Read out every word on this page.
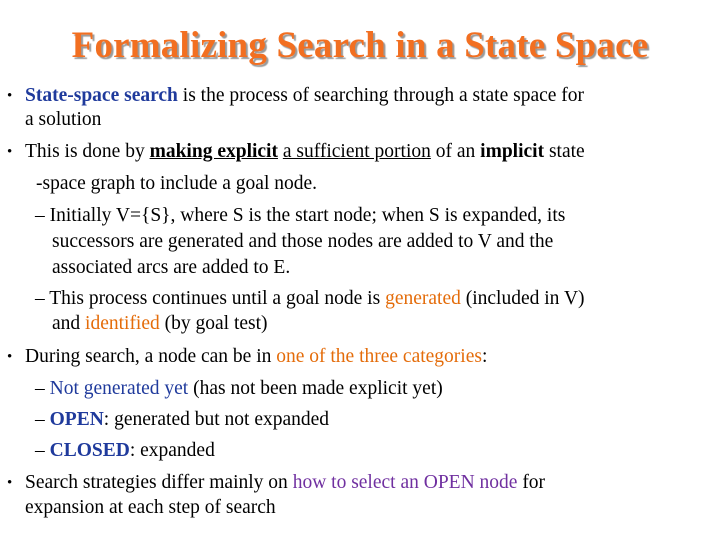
Formalizing Search in a State Space
• State-space search is the process of searching through a state space for
a solution
• This is done by making explicit a sufficient portion of an implicit state
-space graph to include a goal node.
– Initially V={S}, where S is the start node; when S is expanded, its
successors are generated and those nodes are added to V and the
associated arcs are added to E.
– This process continues until a goal node is generated (included in V)
and identified (by goal test)
• During search, a node can be in one of the three categories:
– Not generated yet (has not been made explicit yet)
– OPEN: generated but not expanded
– CLOSED: expanded
• Search strategies differ mainly on how to select an OPEN node for
expansion at each step of search
